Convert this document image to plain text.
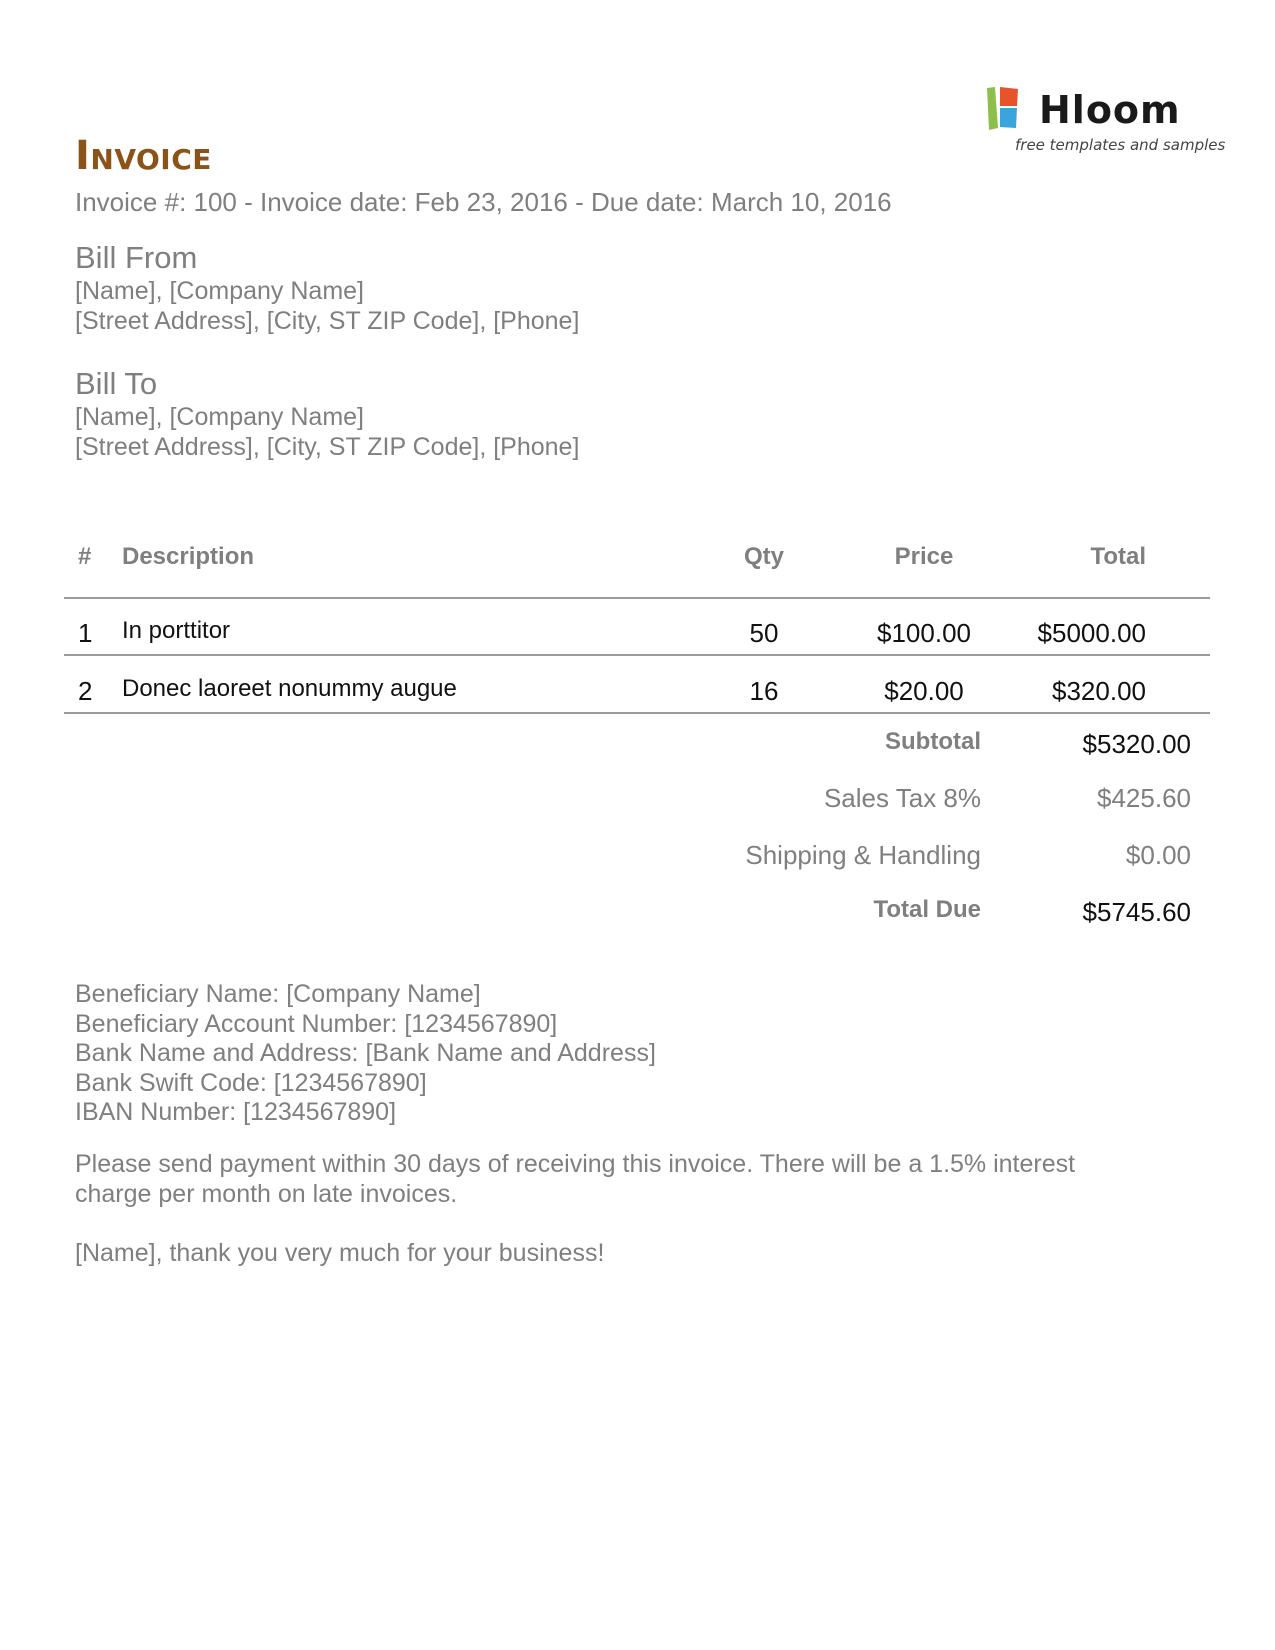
Hloom
free templates and samples
Invoice
Invoice #: 100 - Invoice date: Feb 23, 2016 - Due date: March 10, 2016
Bill From
[Name], [Company Name]
[Street Address], [City, ST ZIP Code], [Phone]
Bill To
[Name], [Company Name]
[Street Address], [City, ST ZIP Code], [Phone]
# Description	Qty	Price	Total
1 In porttitor	50	$100.00	$5000.00
2 Donec laoreet nonummy augue	16	$20.00	$320.00
Subtotal	$5320.00
Sales Tax 8%	$425.60
Shipping & Handling	$0.00
Total Due	$5745.60
Beneficiary Name: [Company Name]
Beneficiary Account Number: [1234567890]
Bank Name and Address: [Bank Name and Address]
Bank Swift Code: [1234567890]
IBAN Number: [1234567890]
Please send payment within 30 days of receiving this invoice. There will be a 1.5% interest charge per month on late invoices.
[Name], thank you very much for your business!
